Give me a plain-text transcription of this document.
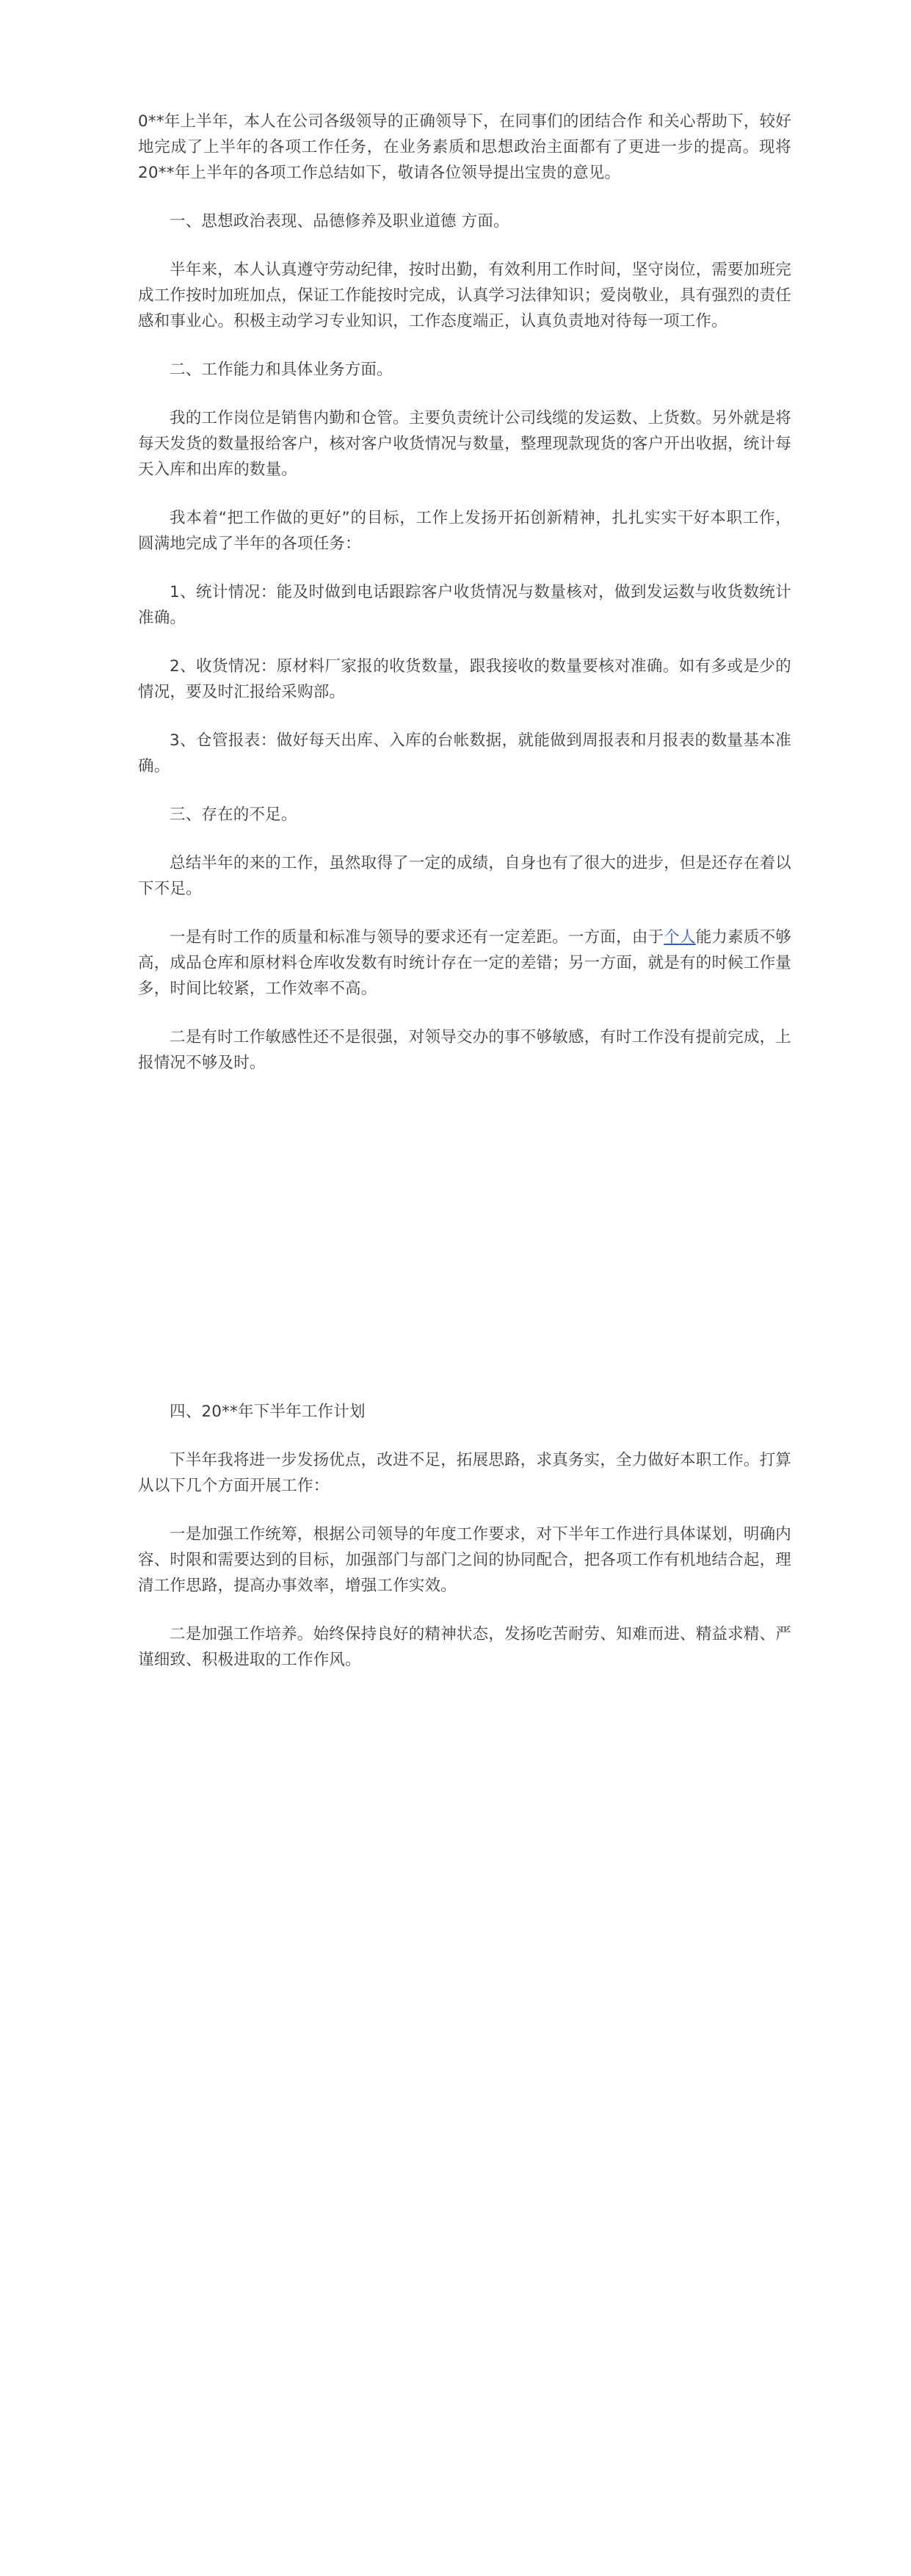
0**年上半年，本人在公司各级领导的正确领导下，在同事们的团结合作 和关心帮助下，较好地完成了上半年的各项工作任务，在业务素质和思想政治主面都有了更进一步的提高。现将 20**年上半年的各项工作总结如下，敬请各位领导提出宝贵的意见。

一、思想政治表现、品德修养及职业道德 方面。

半年来，本人认真遵守劳动纪律，按时出勤，有效利用工作时间，坚守岗位，需要加班完成工作按时加班加点，保证工作能按时完成，认真学习法律知识；爱岗敬业，具有强烈的责任感和事业心。积极主动学习专业知识，工作态度端正，认真负责地对待每一项工作。

二、工作能力和具体业务方面。

我的工作岗位是销售内勤和仓管。主要负责统计公司线缆的发运数、上货数。另外就是将每天发货的数量报给客户，核对客户收货情况与数量，整理现款现货的客户开出收据，统计每天入库和出库的数量。

我本着“把工作做的更好”的目标，工作上发扬开拓创新精神，扎扎实实干好本职工作，圆满地完成了半年的各项任务：

1、统计情况：能及时做到电话跟踪客户收货情况与数量核对，做到发运数与收货数统计准确。

2、收货情况：原材料厂家报的收货数量，跟我接收的数量要核对准确。如有多或是少的情况，要及时汇报给采购部。

3、仓管报表：做好每天出库、入库的台帐数据，就能做到周报表和月报表的数量基本准确。

三、存在的不足。

总结半年的来的工作，虽然取得了一定的成绩，自身也有了很大的进步，但是还存在着以下不足。

一是有时工作的质量和标准与领导的要求还有一定差距。一方面，由于个人能力素质不够高，成品仓库和原材料仓库收发数有时统计存在一定的差错；另一方面，就是有的时候工作量多，时间比较紧，工作效率不高。

二是有时工作敏感性还不是很强，对领导交办的事不够敏感，有时工作没有提前完成，上报情况不够及时。

四、20**年下半年工作计划

下半年我将进一步发扬优点，改进不足，拓展思路，求真务实，全力做好本职工作。打算从以下几个方面开展工作：

一是加强工作统筹，根据公司领导的年度工作要求，对下半年工作进行具体谋划，明确内容、时限和需要达到的目标，加强部门与部门之间的协同配合，把各项工作有机地结合起，理清工作思路，提高办事效率，增强工作实效。

二是加强工作培养。始终保持良好的精神状态，发扬吃苦耐劳、知难而进、精益求精、严谨细致、积极进取的工作作风。
